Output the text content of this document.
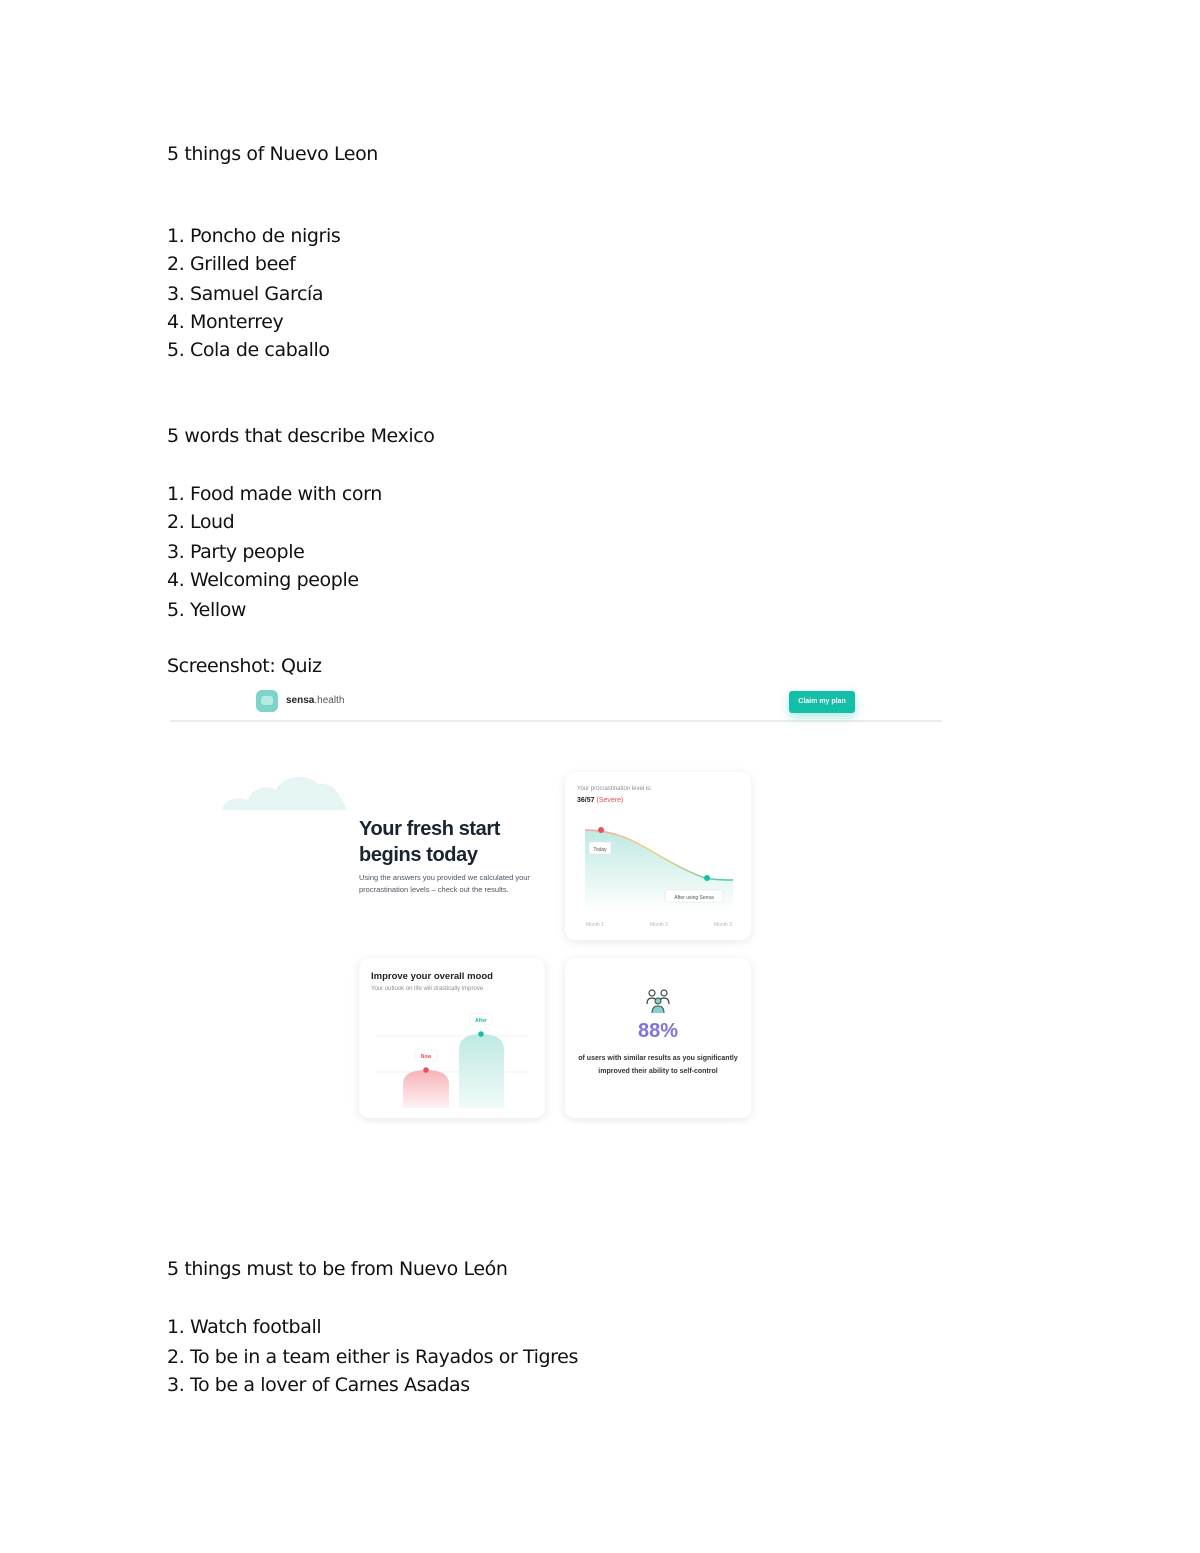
5 things of Nuevo Leon
1. Poncho de nigris
2. Grilled beef
3. Samuel García
4. Monterrey
5. Cola de caballo
5 words that describe Mexico
1. Food made with corn
2. Loud
3. Party people
4. Welcoming people
5. Yellow
Screenshot: Quiz
sensa.health	Claim my plan
Your fresh start
begins today
Using the answers you provided we calculated your procrastination levels – check out the results.
Your procrastination level is:
36/57 (Severe)
Today
After using Sensa
Month 1	Month 2	Month 3
Improve your overall mood
Your outlook on life will drastically improve
Now
After	88%
of users with similar results as you significantly improved their ability to self-control
5 things must to be from Nuevo León
1. Watch football
2. To be in a team either is Rayados or Tigres
3. To be a lover of Carnes Asadas
